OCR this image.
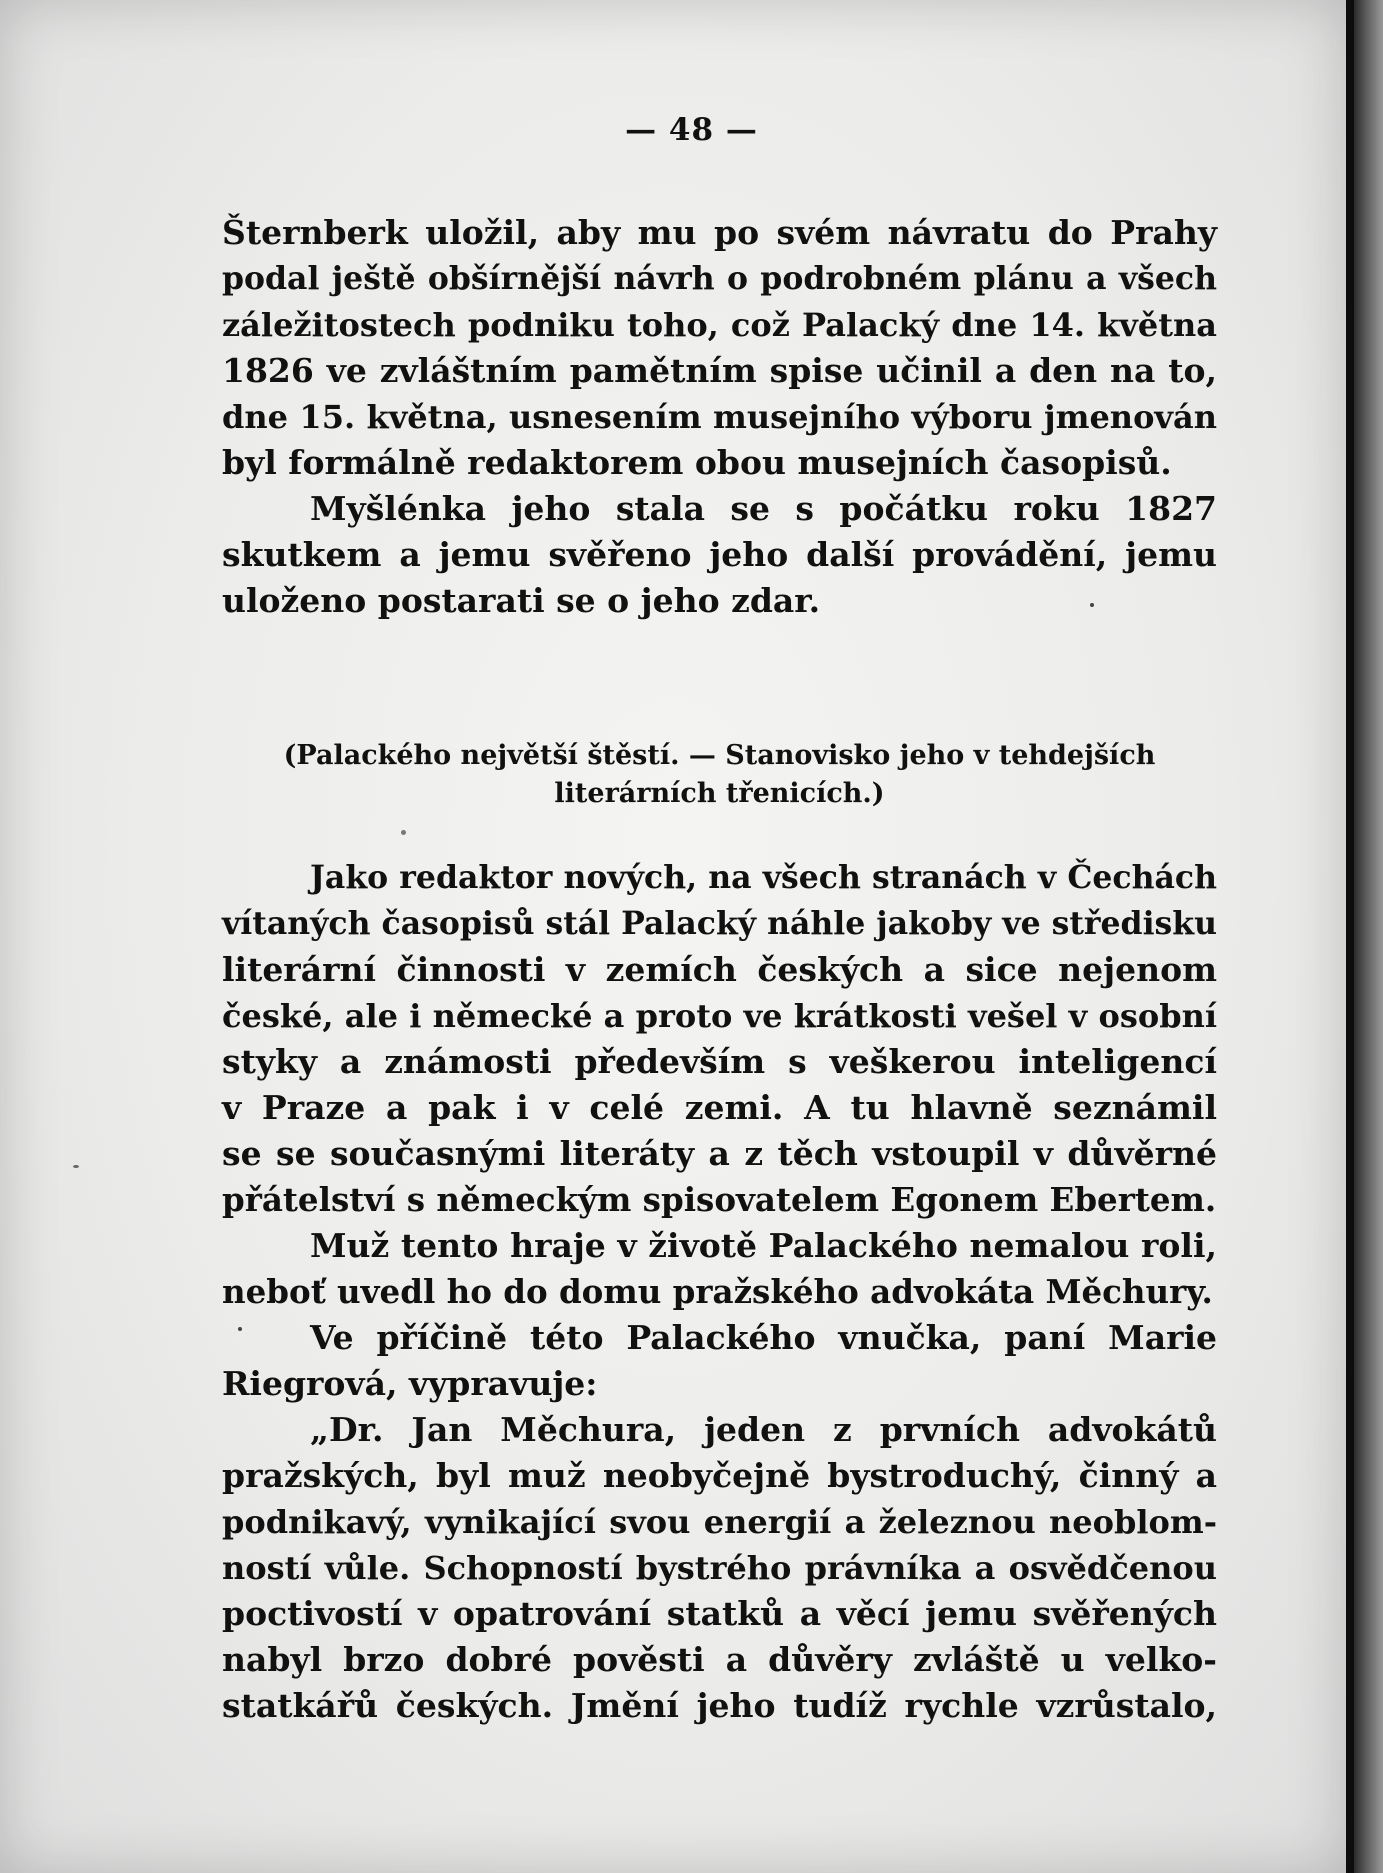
— 48 —
Šternberk uložil, aby mu po svém návratu do Prahy
podal ještě obšírnější návrh o podrobném plánu a všech
záležitostech podniku toho, což Palacký dne 14. května
1826 ve zvláštním pamětním spise učinil a den na to,
dne 15. května, usnesením musejního výboru jmenován
byl formálně redaktorem obou musejních časopisů.
Myšlénka jeho stala se s počátku roku 1827
skutkem a jemu svěřeno jeho další provádění, jemu
uloženo postarati se o jeho zdar.
(Palackého největší štěstí. — Stanovisko jeho v tehdejších
literárních třenicích.)
Jako redaktor nových, na všech stranách v Čechách
vítaných časopisů stál Palacký náhle jakoby ve středisku
literární činnosti v zemích českých a sice nejenom
české, ale i německé a proto ve krátkosti vešel v osobní
styky a známosti především s veškerou inteligencí
v Praze a pak i v celé zemi. A tu hlavně seznámil
se se současnými literáty a z těch vstoupil v důvěrné
přátelství s německým spisovatelem Egonem Ebertem.
Muž tento hraje v životě Palackého nemalou roli,
neboť uvedl ho do domu pražského advokáta Měchury.
Ve příčině této Palackého vnučka, paní Marie
Riegrová, vypravuje:
„Dr. Jan Měchura, jeden z prvních advokátů
pražských, byl muž neobyčejně bystroduchý, činný a
podnikavý, vynikající svou energií a železnou neoblom-
ností vůle. Schopností bystrého právníka a osvědčenou
poctivostí v opatrování statků a věcí jemu svěřených
nabyl brzo dobré pověsti a důvěry zvláště u velko-
statkářů českých. Jmění jeho tudíž rychle vzrůstalo,
